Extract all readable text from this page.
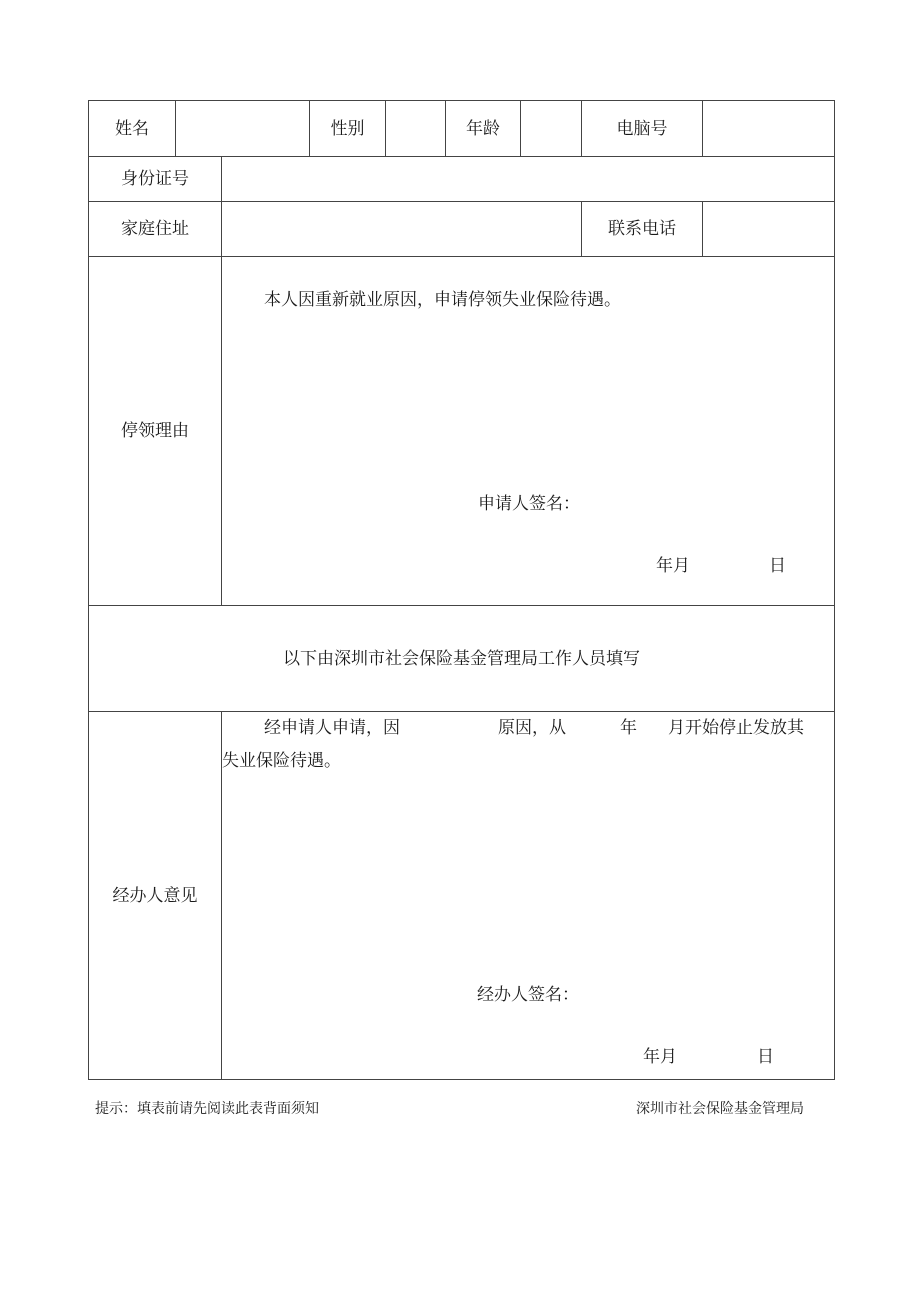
姓名	性别	年龄	电脑号
身份证号
家庭住址	联系电话
停领理由
本人因重新就业原因，申请停领失业保险待遇。
申请人签名：
年月	日
以下由深圳市社会保险基金管理局工作人员填写
经办人意见
经申请人申请，因	原因，从	年 月开始停止发放其
失业保险待遇。
经办人签名：
年月	日
提示：填表前请先阅读此表背面须知	深圳市社会保险基金管理局
